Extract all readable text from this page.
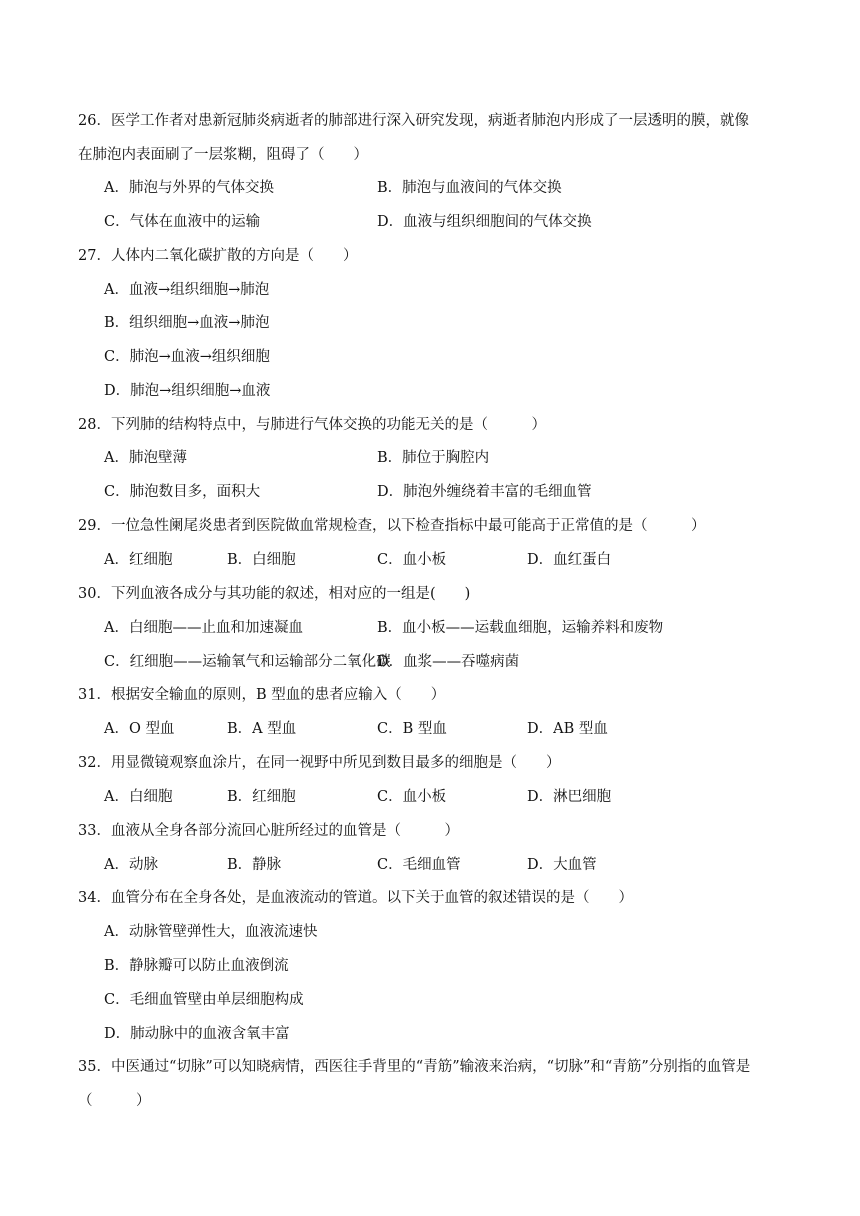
26．医学工作者对患新冠肺炎病逝者的肺部进行深入研究发现，病逝者肺泡内形成了一层透明的膜，就像
在肺泡内表面刷了一层浆糊，阻碍了（　　）
A．肺泡与外界的气体交换	B．肺泡与血液间的气体交换
C．气体在血液中的运输	D．血液与组织细胞间的气体交换
27．人体内二氧化碳扩散的方向是（　　）
A．血液→组织细胞→肺泡
B．组织细胞→血液→肺泡
C．肺泡→血液→组织细胞
D．肺泡→组织细胞→血液
28．下列肺的结构特点中，与肺进行气体交换的功能无关的是（　　　）
A．肺泡壁薄	B．肺位于胸腔内
C．肺泡数目多，面积大	D．肺泡外缠绕着丰富的毛细血管
29．一位急性阑尾炎患者到医院做血常规检查，以下检查指标中最可能高于正常值的是（　　　）
A．红细胞	B．白细胞	C．血小板	D．血红蛋白
30．下列血液各成分与其功能的叙述，相对应的一组是(　　)
A．白细胞——止血和加速凝血	B．血小板——运载血细胞，运输养料和废物
C．红细胞——运输氧气和运输部分二氧化碳
D．血浆——吞噬病菌
31．根据安全输血的原则，B 型血的患者应输入（　　）
A．O 型血	B．A 型血	C．B 型血	D．AB 型血
32．用显微镜观察血涂片，在同一视野中所见到数目最多的细胞是（　　）
A．白细胞	B．红细胞	C．血小板	D．淋巴细胞
33．血液从全身各部分流回心脏所经过的血管是（　　　）
A．动脉	B．静脉	C．毛细血管	D．大血管
34．血管分布在全身各处，是血液流动的管道。以下关于血管的叙述错误的是（　　）
A．动脉管壁弹性大，血液流速快
B．静脉瓣可以防止血液倒流
C．毛细血管壁由单层细胞构成
D．肺动脉中的血液含氧丰富
35．中医通过“切脉”可以知晓病情，西医往手背里的“青筋”输液来治病，“切脉”和“青筋”分别指的血管是
（　　　）
